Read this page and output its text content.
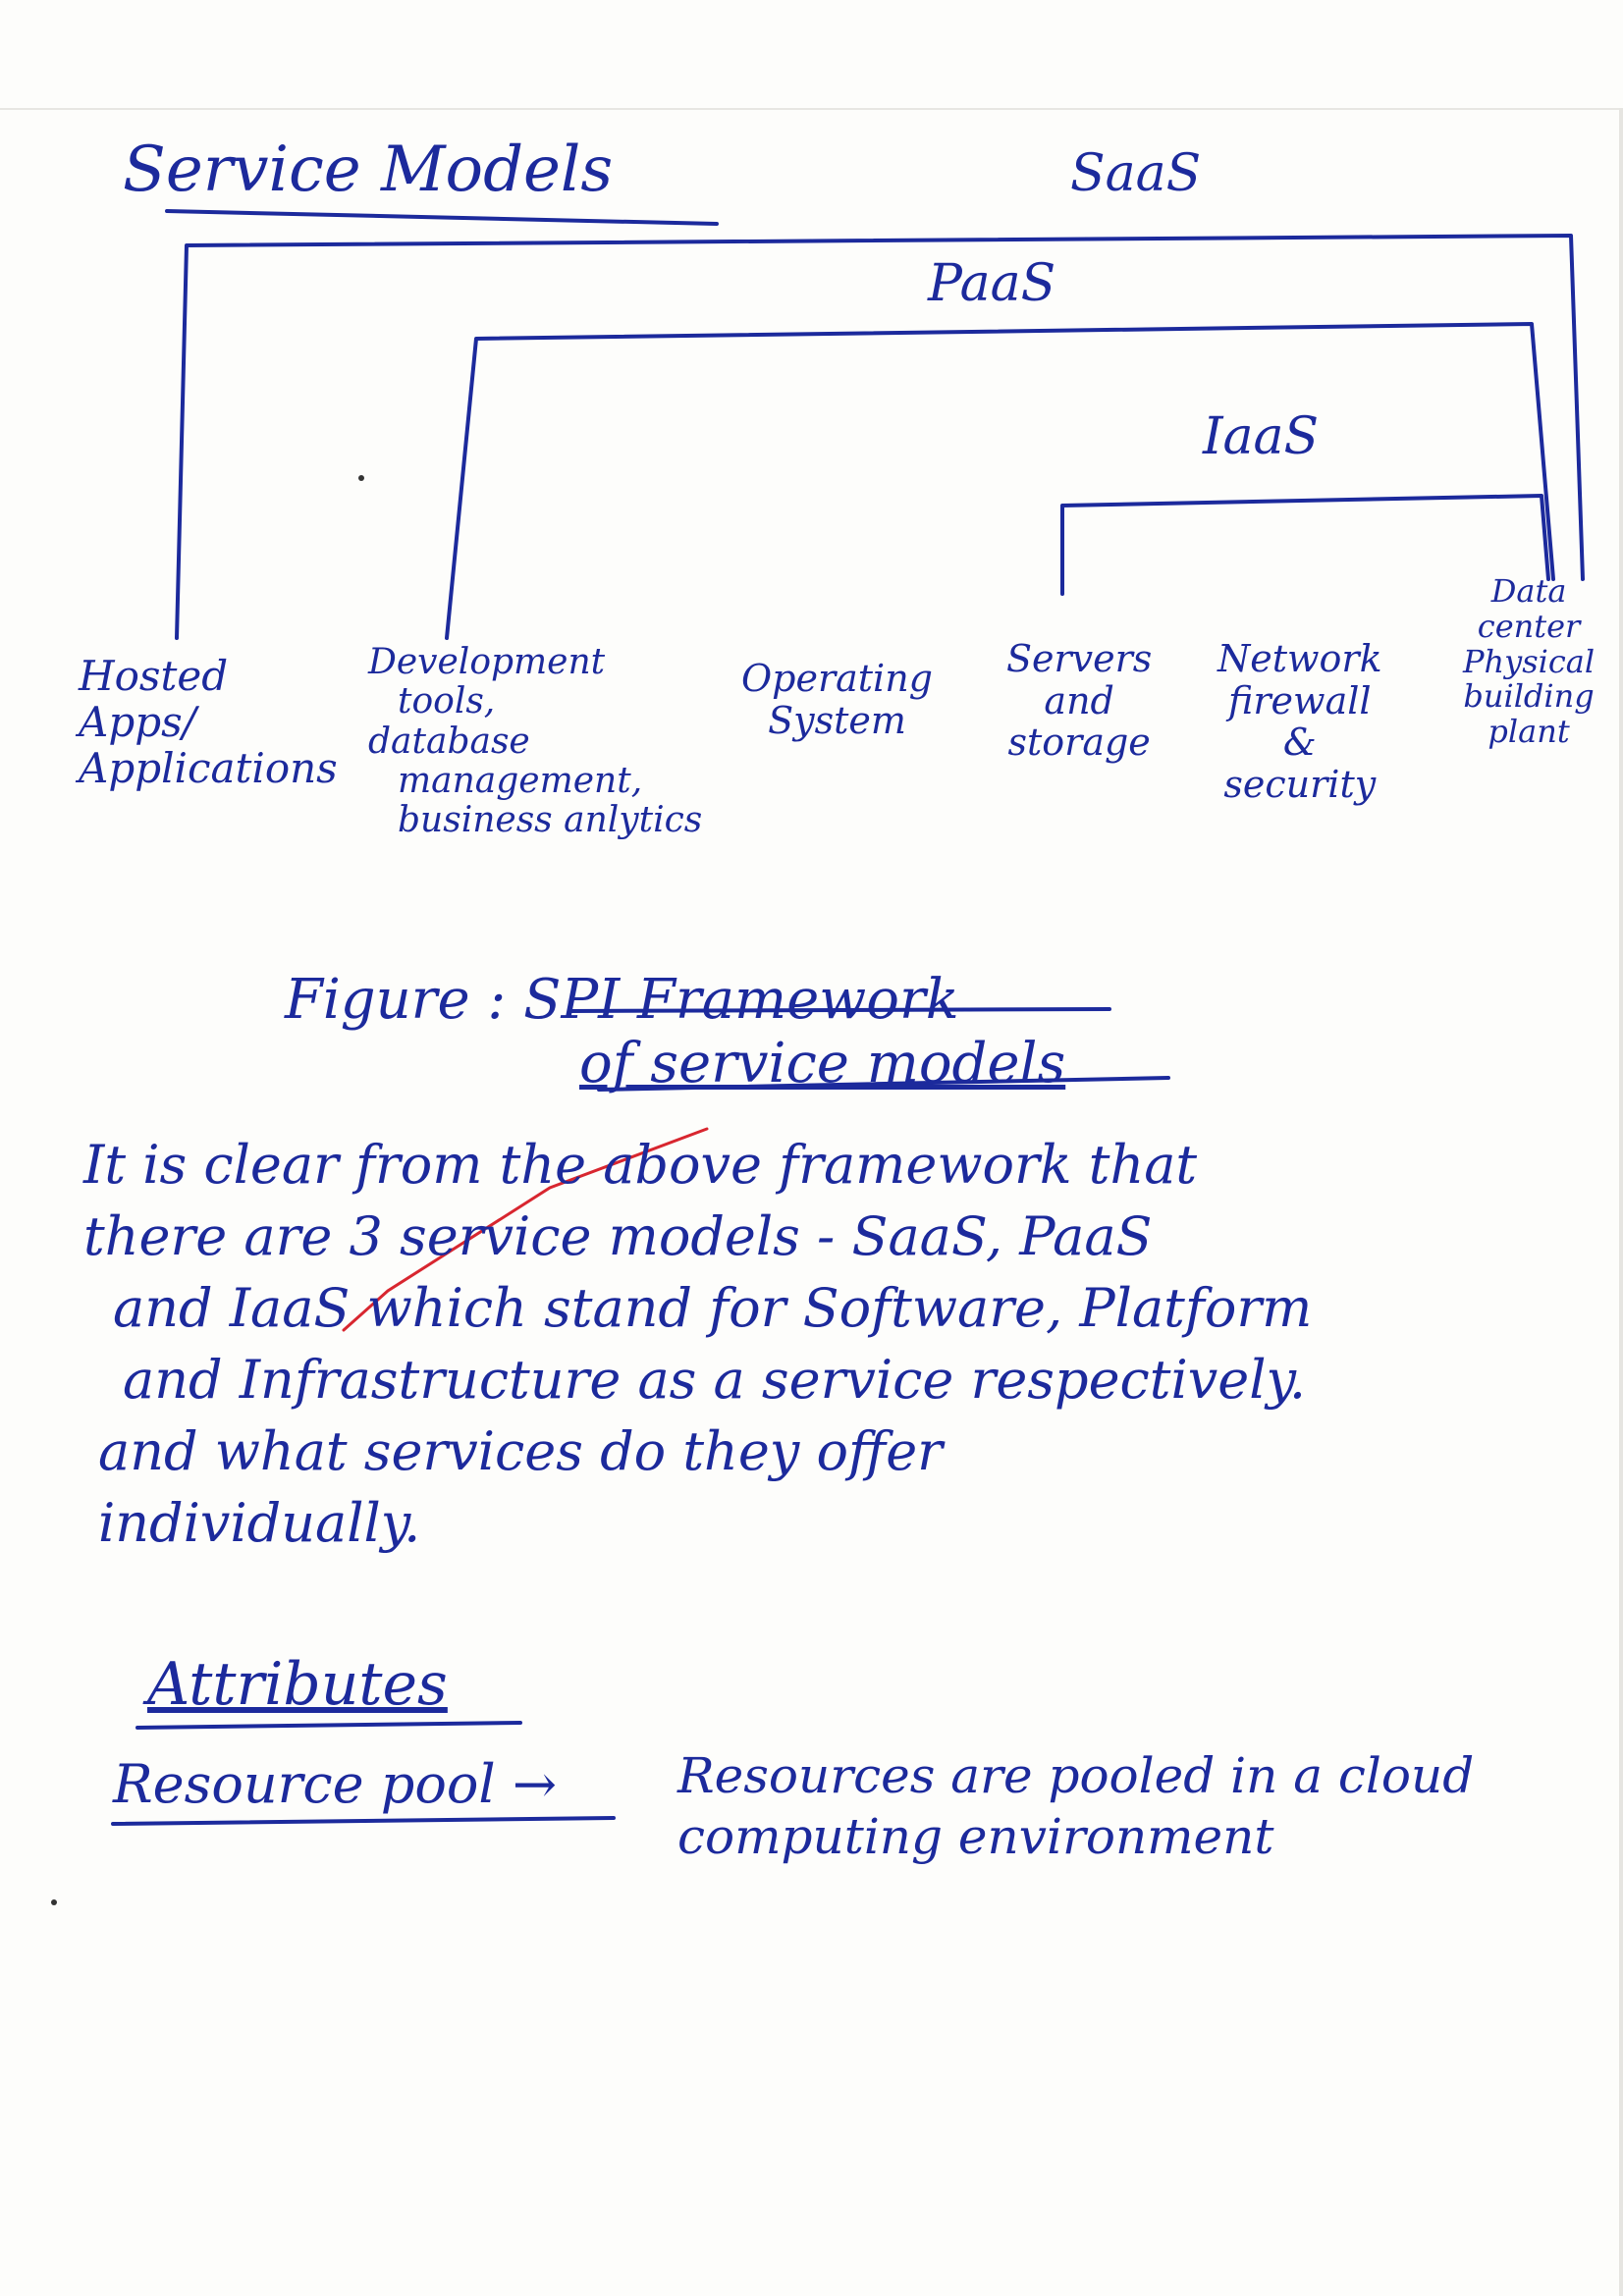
Service Models	SaaS
PaaS
IaaS
Hosted
Apps/
Applications
Development
tools,
database
management,
business anlytics
Operating
System
Servers
and
storage
Network
firewall
&
security
Data
center
Physical
building
plant
Figure : SPI Framework
of service models
It is clear from the above framework that
there are 3 service models - SaaS, PaaS
and IaaS which stand for Software, Platform
and Infrastructure as a service respectively.
and what services do they offer
individually.
Attributes
Resource pool → Resources are pooled in a cloud
computing environment
